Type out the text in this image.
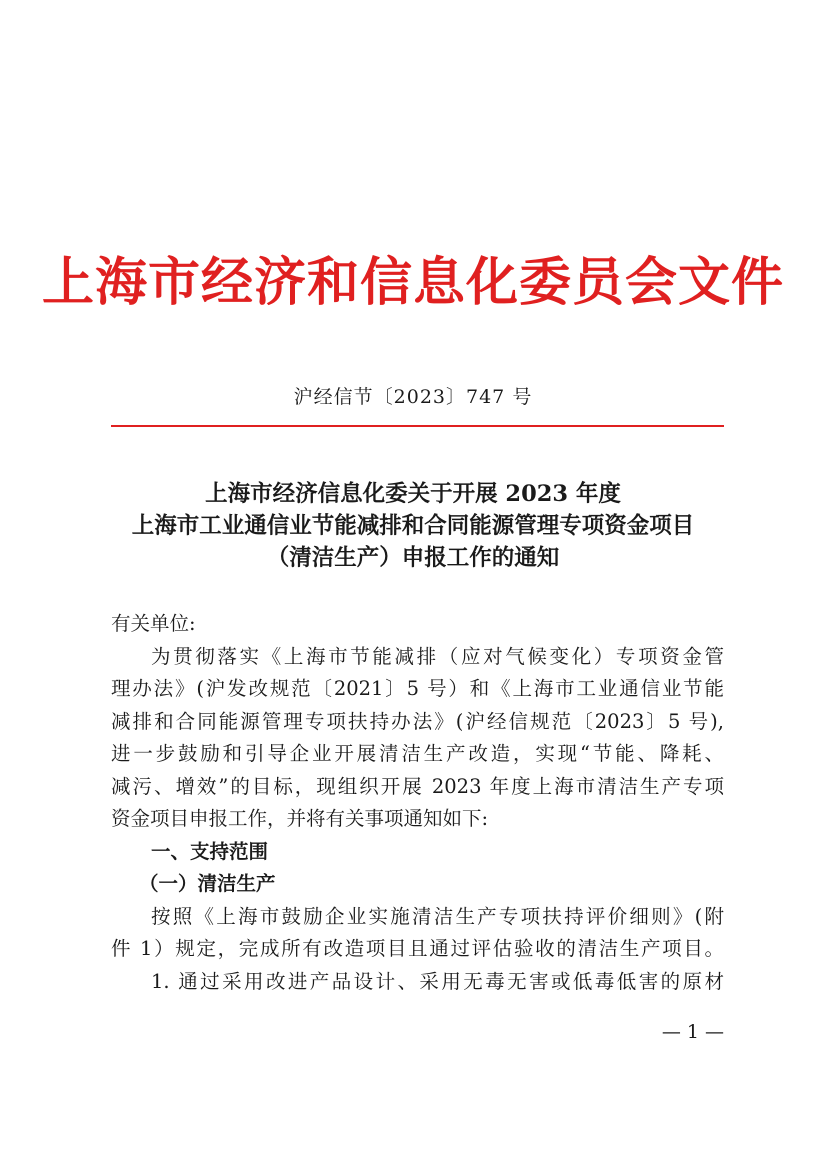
上海市经济和信息化委员会文件
沪经信节〔2023〕747 号
上海市经济信息化委关于开展 2023 年度
上海市工业通信业节能减排和合同能源管理专项资金项目
（清洁生产）申报工作的通知
有关单位:
为贯彻落实《上海市节能减排（应对气候变化）专项资金管
理办法》(沪发改规范〔2021〕5 号）和《上海市工业通信业节能
减排和合同能源管理专项扶持办法》(沪经信规范〔2023〕5 号),
进一步鼓励和引导企业开展清洁生产改造，实现“节能、降耗、
减污、增效”的目标，现组织开展 2023 年度上海市清洁生产专项
资金项目申报工作，并将有关事项通知如下:
一、支持范围
（一）清洁生产
按照《上海市鼓励企业实施清洁生产专项扶持评价细则》(附
件 1）规定，完成所有改造项目且通过评估验收的清洁生产项目。
1. 通过采用改进产品设计、采用无毒无害或低毒低害的原材
— 1 —
